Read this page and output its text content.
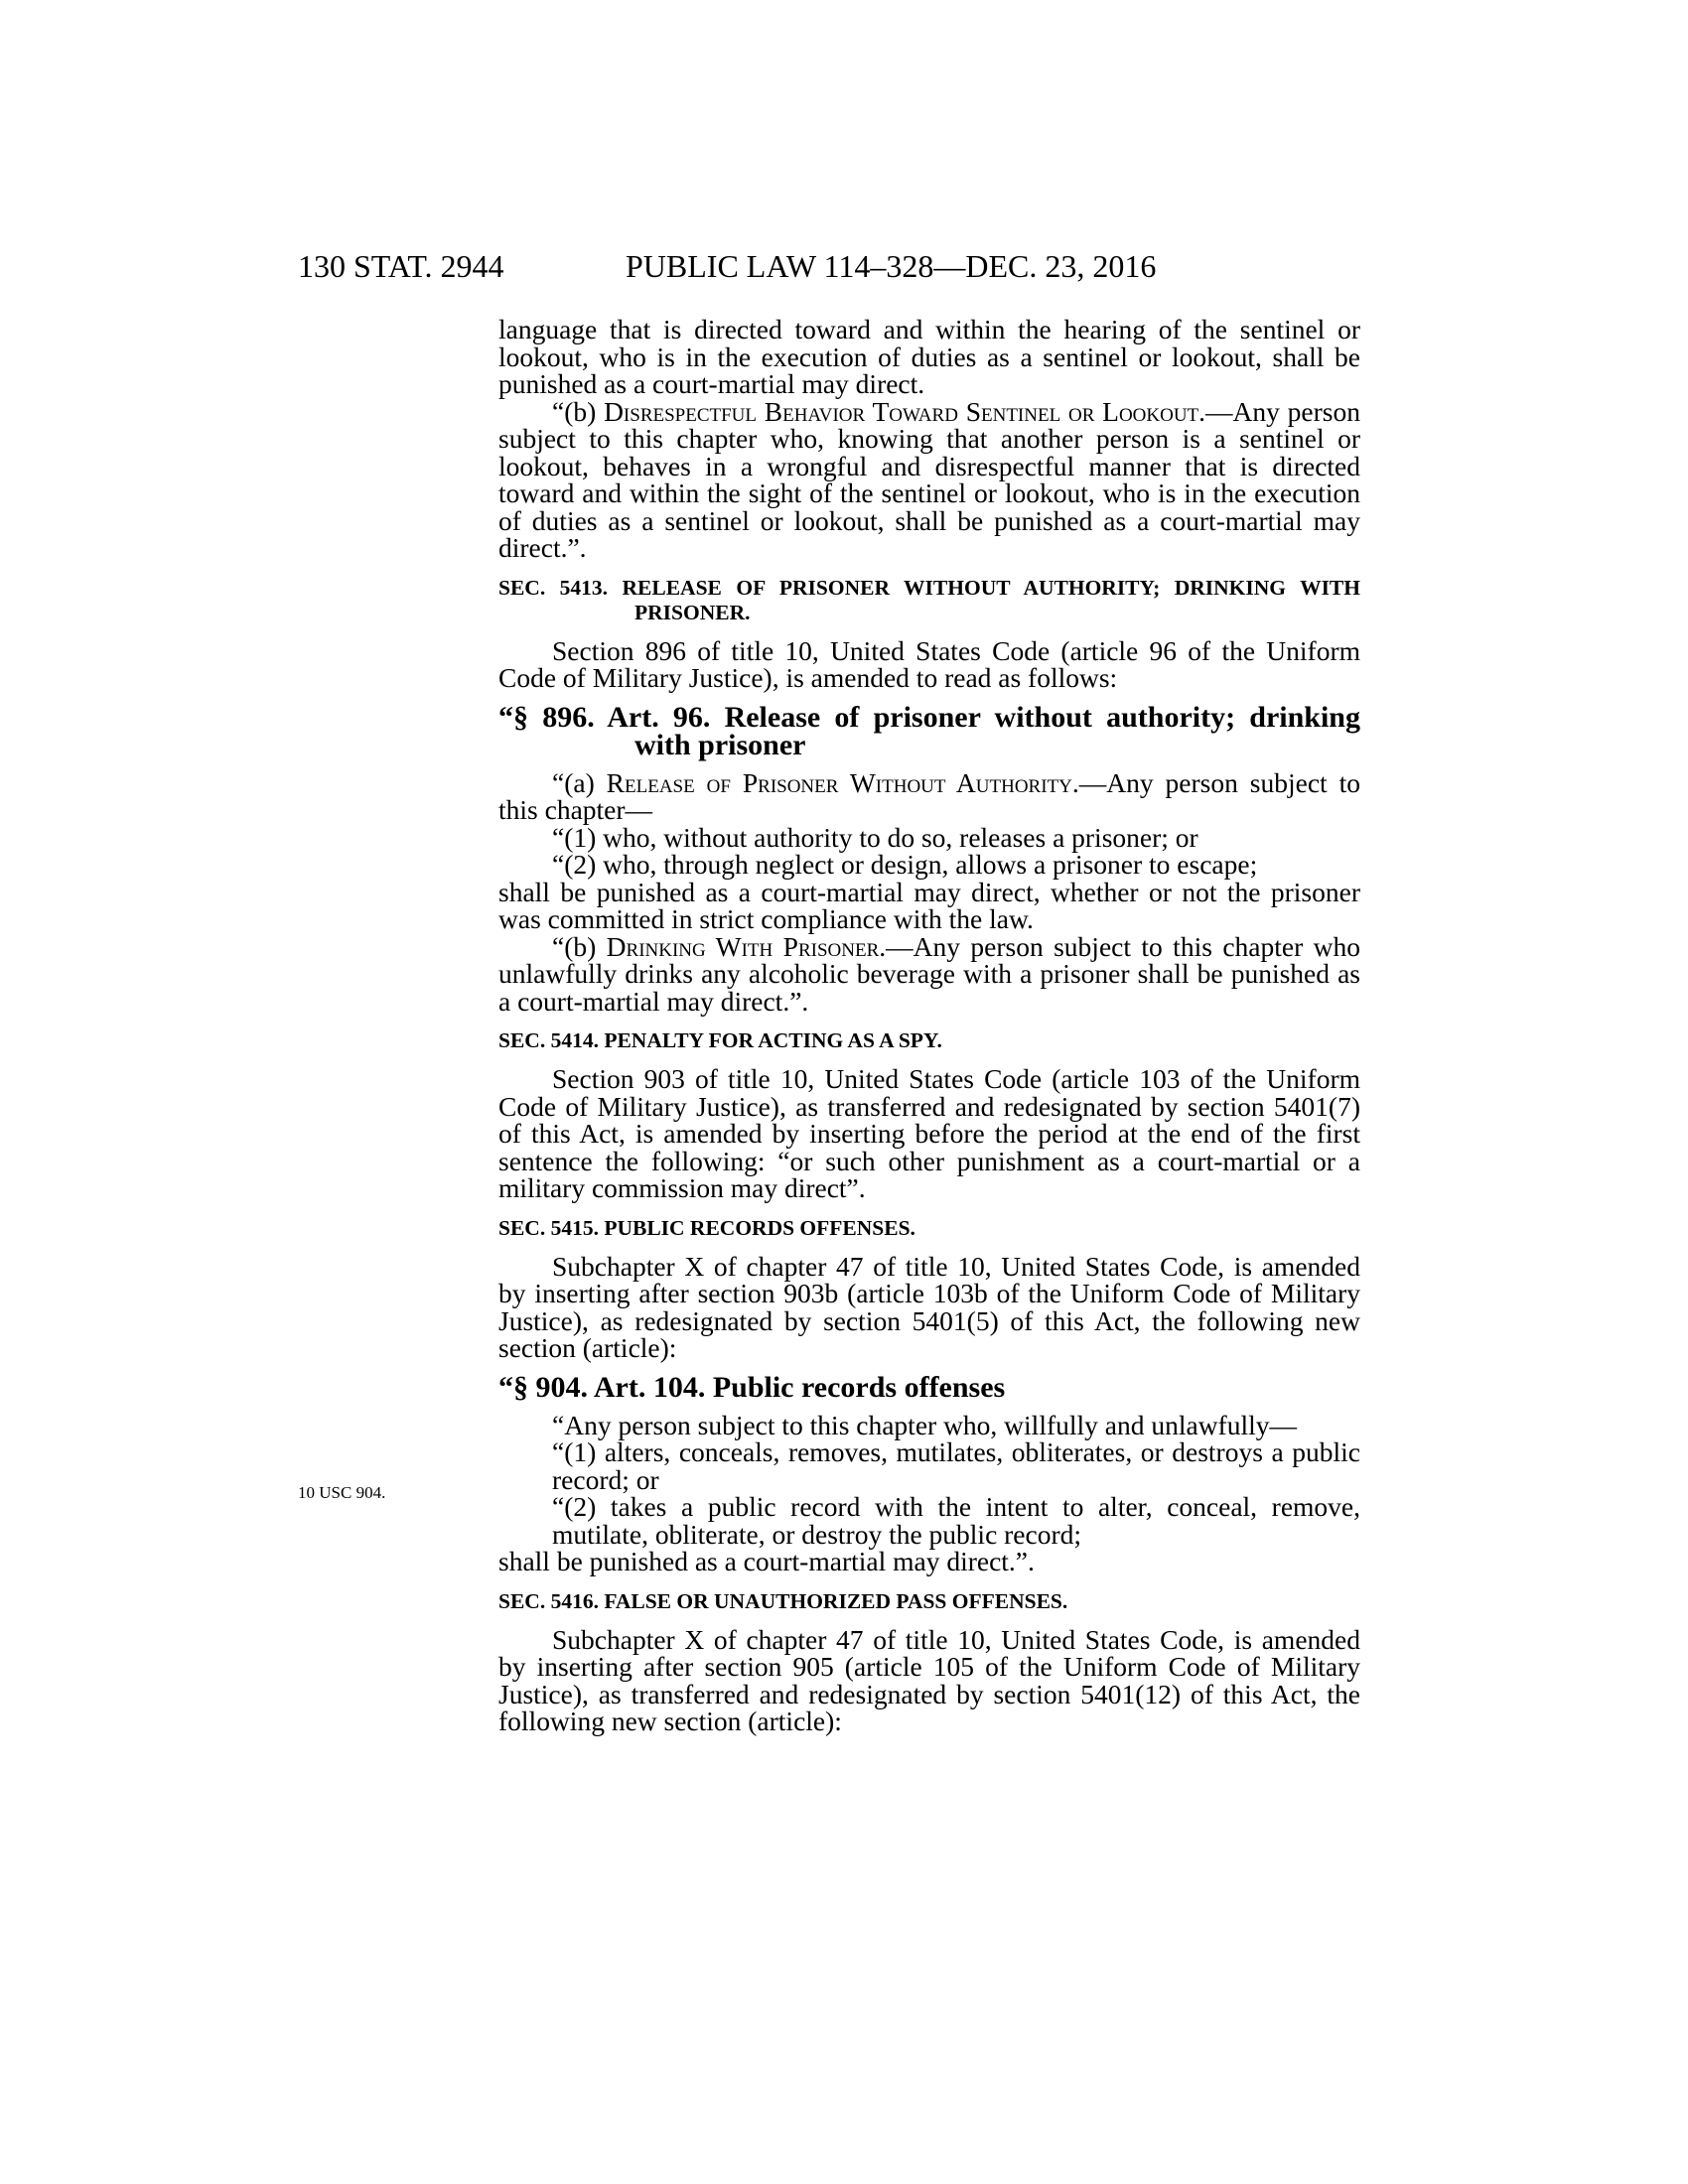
130 STAT. 2944	PUBLIC LAW 114–328—DEC. 23, 2016

language that is directed toward and within the hearing of the sentinel or lookout, who is in the execution of duties as a sentinel or lookout, shall be punished as a court-martial may direct.

“(b) Disrespectful Behavior Toward Sentinel or Lookout.—Any person subject to this chapter who, knowing that another person is a sentinel or lookout, behaves in a wrongful and disrespectful manner that is directed toward and within the sight of the sentinel or lookout, who is in the execution of duties as a sentinel or lookout, shall be punished as a court-martial may direct.”.

SEC. 5413. RELEASE OF PRISONER WITHOUT AUTHORITY; DRINKING WITH PRISONER.

Section 896 of title 10, United States Code (article 96 of the Uniform Code of Military Justice), is amended to read as follows:

“§ 896. Art. 96. Release of prisoner without authority; drinking with prisoner

“(a) Release of Prisoner Without Authority.—Any person subject to this chapter—

“(1) who, without authority to do so, releases a prisoner; or

“(2) who, through neglect or design, allows a prisoner to escape;

shall be punished as a court-martial may direct, whether or not the prisoner was committed in strict compliance with the law.

“(b) Drinking With Prisoner.—Any person subject to this chapter who unlawfully drinks any alcoholic beverage with a prisoner shall be punished as a court-martial may direct.”.

SEC. 5414. PENALTY FOR ACTING AS A SPY.

Section 903 of title 10, United States Code (article 103 of the Uniform Code of Military Justice), as transferred and redesignated by section 5401(7) of this Act, is amended by inserting before the period at the end of the first sentence the following: “or such other punishment as a court-martial or a military commission may direct”.

SEC. 5415. PUBLIC RECORDS OFFENSES.

Subchapter X of chapter 47 of title 10, United States Code, is amended by inserting after section 903b (article 103b of the Uniform Code of Military Justice), as redesignated by section 5401(5) of this Act, the following new section (article):

“§ 904. Art. 104. Public records offenses

“Any person subject to this chapter who, willfully and unlawfully—

“(1) alters, conceals, removes, mutilates, obliterates, or destroys a public record; or

“(2) takes a public record with the intent to alter, conceal, remove, mutilate, obliterate, or destroy the public record;

shall be punished as a court-martial may direct.”.

SEC. 5416. FALSE OR UNAUTHORIZED PASS OFFENSES.

Subchapter X of chapter 47 of title 10, United States Code, is amended by inserting after section 905 (article 105 of the Uniform Code of Military Justice), as transferred and redesignated by section 5401(12) of this Act, the following new section (article):

10 USC 904.
